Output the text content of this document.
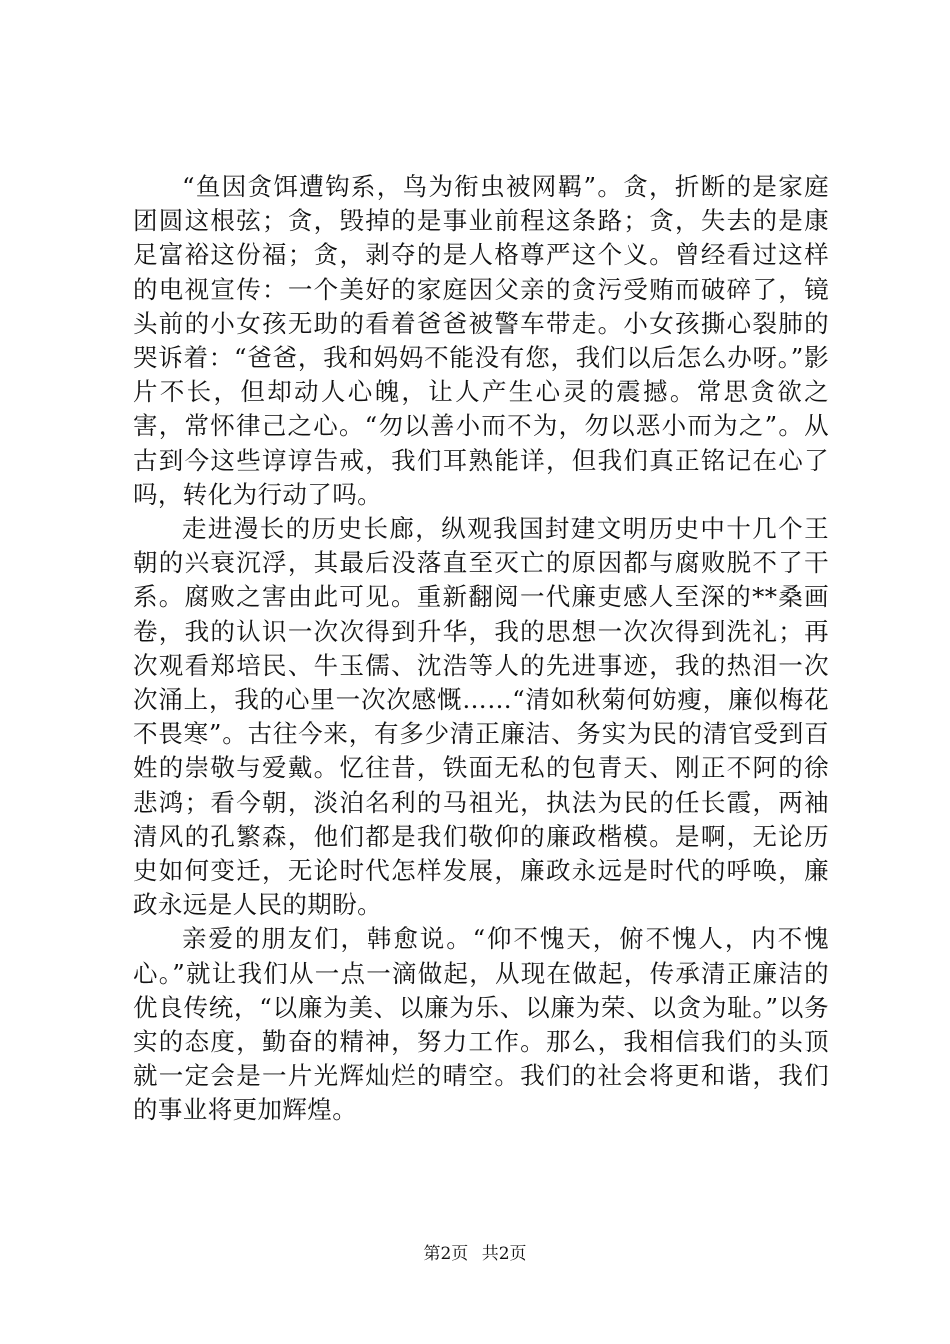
“鱼因贪饵遭钩系，鸟为衔虫被网羁”。贪，折断的是家庭团圆这根弦；贪，毁掉的是事业前程这条路；贪，失去的是康足富裕这份福；贪，剥夺的是人格尊严这个义。曾经看过这样的电视宣传：一个美好的家庭因父亲的贪污受贿而破碎了，镜头前的小女孩无助的看着爸爸被警车带走。小女孩撕心裂肺的哭诉着：“爸爸，我和妈妈不能没有您，我们以后怎么办呀。”影片不长，但却动人心魄，让人产生心灵的震撼。常思贪欲之害，常怀律己之心。“勿以善小而不为，勿以恶小而为之”。从古到今这些谆谆告戒，我们耳熟能详，但我们真正铭记在心了吗，转化为行动了吗。

走进漫长的历史长廊，纵观我国封建文明历史中十几个王朝的兴衰沉浮，其最后没落直至灭亡的原因都与腐败脱不了干系。腐败之害由此可见。重新翻阅一代廉吏感人至深的**桑画卷，我的认识一次次得到升华，我的思想一次次得到洗礼；再次观看郑培民、牛玉儒、沈浩等人的先进事迹，我的热泪一次次涌上，我的心里一次次感慨……“清如秋菊何妨瘦，廉似梅花不畏寒”。古往今来，有多少清正廉洁、务实为民的清官受到百姓的崇敬与爱戴。忆往昔，铁面无私的包青天、刚正不阿的徐悲鸿；看今朝，淡泊名利的马祖光，执法为民的任长霞，两袖清风的孔繁森，他们都是我们敬仰的廉政楷模。是啊，无论历史如何变迁，无论时代怎样发展，廉政永远是时代的呼唤，廉政永远是人民的期盼。

亲爱的朋友们，韩愈说。“仰不愧天，俯不愧人，内不愧心。”就让我们从一点一滴做起，从现在做起，传承清正廉洁的优良传统，“以廉为美、以廉为乐、以廉为荣、以贪为耻。”以务实的态度，勤奋的精神，努力工作。那么，我相信我们的头顶就一定会是一片光辉灿烂的晴空。我们的社会将更和谐，我们的事业将更加辉煌。

第2页 共2页
